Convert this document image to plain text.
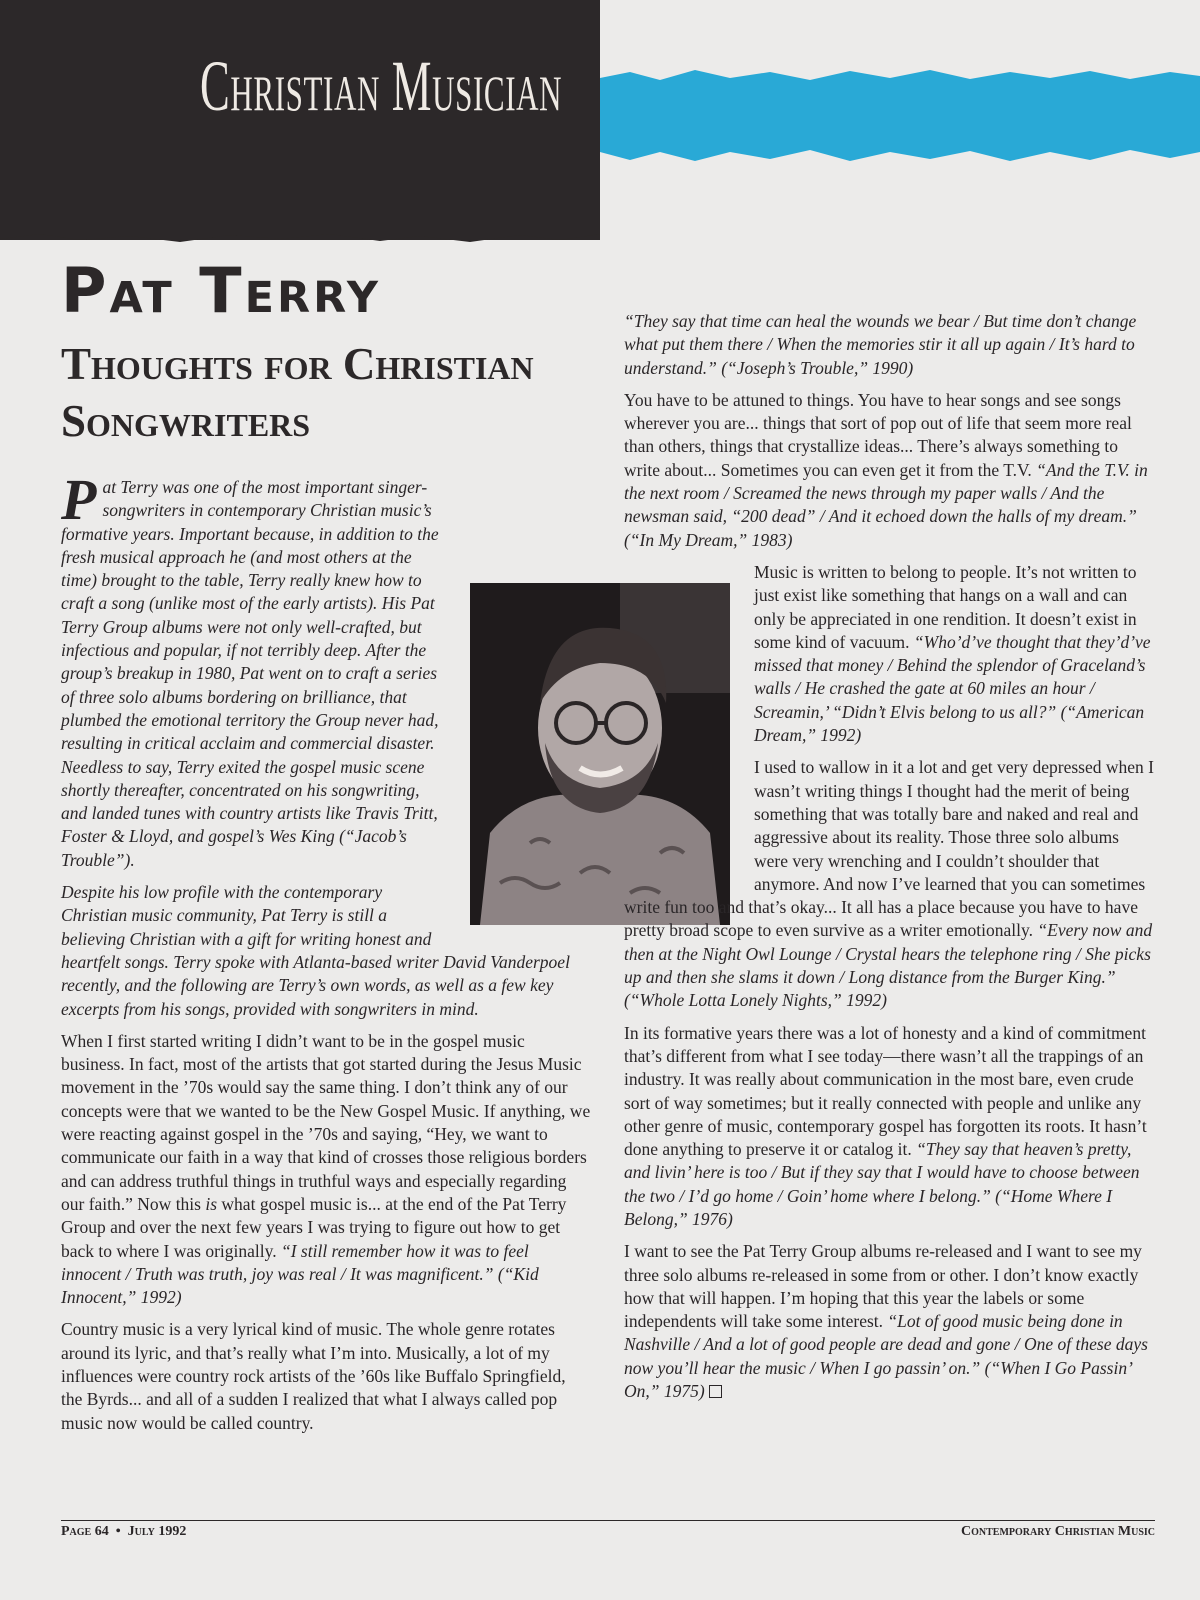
Christian Musician
Pat Terry
Thoughts for Christian Songwriters

Pat Terry was one of the most important singer-songwriters in contemporary Christian music’s formative years. Important because, in addition to the fresh musical approach he (and most others at the time) brought to the table, Terry really knew how to craft a song (unlike most of the early artists). His Pat Terry Group albums were not only well-crafted, but infectious and popular, if not terribly deep. After the group’s breakup in 1980, Pat went on to craft a series of three solo albums bordering on brilliance, that plumbed the emotional territory the Group never had, resulting in critical acclaim and commercial disaster. Needless to say, Terry exited the gospel music scene shortly thereafter, concentrated on his songwriting, and landed tunes with country artists like Travis Tritt, Foster & Lloyd, and gospel’s Wes King (“Jacob’s Trouble”).

Despite his low profile with the contemporary Christian music community, Pat Terry is still a believing Christian with a gift for writing honest and heartfelt songs. Terry spoke with Atlanta-based writer David Vanderpoel recently, and the following are Terry’s own words, as well as a few key excerpts from his songs, provided with songwriters in mind.

When I first started writing I didn’t want to be in the gospel music business. In fact, most of the artists that got started during the Jesus Music movement in the ’70s would say the same thing. I don’t think any of our concepts were that we wanted to be the New Gospel Music. If anything, we were reacting against gospel in the ’70s and saying, “Hey, we want to communicate our faith in a way that kind of crosses those religious borders and can address truthful things in truthful ways and especially regarding our faith.” Now this is what gospel music is... at the end of the Pat Terry Group and over the next few years I was trying to figure out how to get back to where I was originally. “I still remember how it was to feel innocent / Truth was truth, joy was real / It was magnificent.” (“Kid Innocent,” 1992)

Country music is a very lyrical kind of music. The whole genre rotates around its lyric, and that’s really what I’m into. Musically, a lot of my influences were country rock artists of the ’60s like Buffalo Springfield, the Byrds... and all of a sudden I realized that what I always called pop music now would be called country.

“They say that time can heal the wounds we bear / But time don’t change what put them there / When the memories stir it all up again / It’s hard to understand.” (“Joseph’s Trouble,” 1990)

You have to be attuned to things. You have to hear songs and see songs wherever you are... things that sort of pop out of life that seem more real than others, things that crystallize ideas... There’s always something to write about... Sometimes you can even get it from the T.V. “And the T.V. in the next room / Screamed the news through my paper walls / And the newsman said, “200 dead” / And it echoed down the halls of my dream.” (“In My Dream,” 1983)

Music is written to belong to people. It’s not written to just exist like something that hangs on a wall and can only be appreciated in one rendition. It doesn’t exist in some kind of vacuum. “Who’d’ve thought that they’d’ve missed that money / Behind the splendor of Graceland’s walls / He crashed the gate at 60 miles an hour / Screamin,’ “Didn’t Elvis belong to us all?” (“American Dream,” 1992)

I used to wallow in it a lot and get very depressed when I wasn’t writing things I thought had the merit of being something that was totally bare and naked and real and aggressive about its reality. Those three solo albums were very wrenching and I couldn’t shoulder that anymore. And now I’ve learned that you can sometimes write fun too and that’s okay... It all has a place because you have to have pretty broad scope to even survive as a writer emotionally. “Every now and then at the Night Owl Lounge / Crystal hears the telephone ring / She picks up and then she slams it down / Long distance from the Burger King.” (“Whole Lotta Lonely Nights,” 1992)

In its formative years there was a lot of honesty and a kind of commitment that’s different from what I see today—there wasn’t all the trappings of an industry. It was really about communication in the most bare, even crude sort of way sometimes; but it really connected with people and unlike any other genre of music, contemporary gospel has forgotten its roots. It hasn’t done anything to preserve it or catalog it. “They say that heaven’s pretty, and livin’ here is too / But if they say that I would have to choose between the two / I’d go home / Goin’ home where I belong.” (“Home Where I Belong,” 1976)

I want to see the Pat Terry Group albums re-released and I want to see my three solo albums re-released in some from or other. I don’t know exactly how that will happen. I’m hoping that this year the labels or some independents will take some interest. “Lot of good music being done in Nashville / And a lot of good people are dead and gone / One of these days now you’ll hear the music / When I go passin’ on.” (“When I Go Passin’ On,” 1975)

Page 64  •  July 1992	Contemporary Christian Music
